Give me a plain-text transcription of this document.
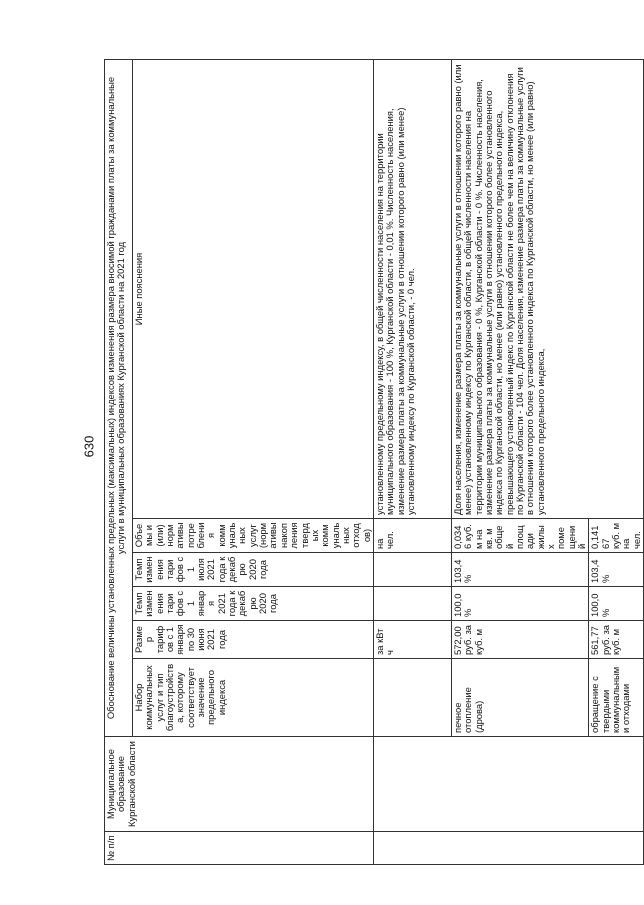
630
№ п/п	Муниципальное образование Курганской области	Обоснование величины установленных предельных (максимальных) индексов изменения размера вносимой гражданами платы за коммунальные услуги в муниципальных образованиях Курганской области на 2021 год					
		Набор коммунальных услуг и тип благоустройства, которому соответствует значение предельного индекса	Размер тарифов с 1 января по 30 июня 2021 года	Темп изменения тарифов с 1 января 2021 года к декабрю 2020 года	Темп изменения тарифов с 1 июля 2021 года к декабрю 2020 года	Объемы и (или) нормативы потребления коммунальных услуг (нормативы накопления твердых коммунальных отходов)	Иные пояснения
			за кВт ч			на чел.	установленному предельному индексу, в общей численности населения на территории муниципального образования - 100 %, Курганской области - 0,01 %. Численность населения, изменение размера платы за коммунальные услуги в отношении которого равно (или менее) установленному индексу по Курганской области, - 0 чел.
		печное отопление (дрова)	572,00 руб. за куб. м	100,0 %	103,4 %	0,0346 куб. м на кв. м общей площади жилых помещений	Доля населения, изменение размера платы за коммунальные услуги в отношении которого равно (или менее) установленному индексу по Курганской области, в общей численности населения на территории муниципального образования - 0 %, Курганской области - 0 %. Численность населения, изменение размера платы за коммунальные услуги в отношении которого более установленного индекса по Курганской области, но менее (или равно) установленного предельного индекса, превышающего установленный индекс по Курганской области не более чем на величину отклонения по Курганской области - 104 чел. Доля населения, изменение размера платы за коммунальные услуги в отношении которого более установленного индекса по Курганской области, но менее (или равно) установленного предельного индекса,
		обращение с твердыми коммунальными отходами	561,77 руб. за куб. м	100,0 %	103,4 %	0,14167 куб. м на чел.	
